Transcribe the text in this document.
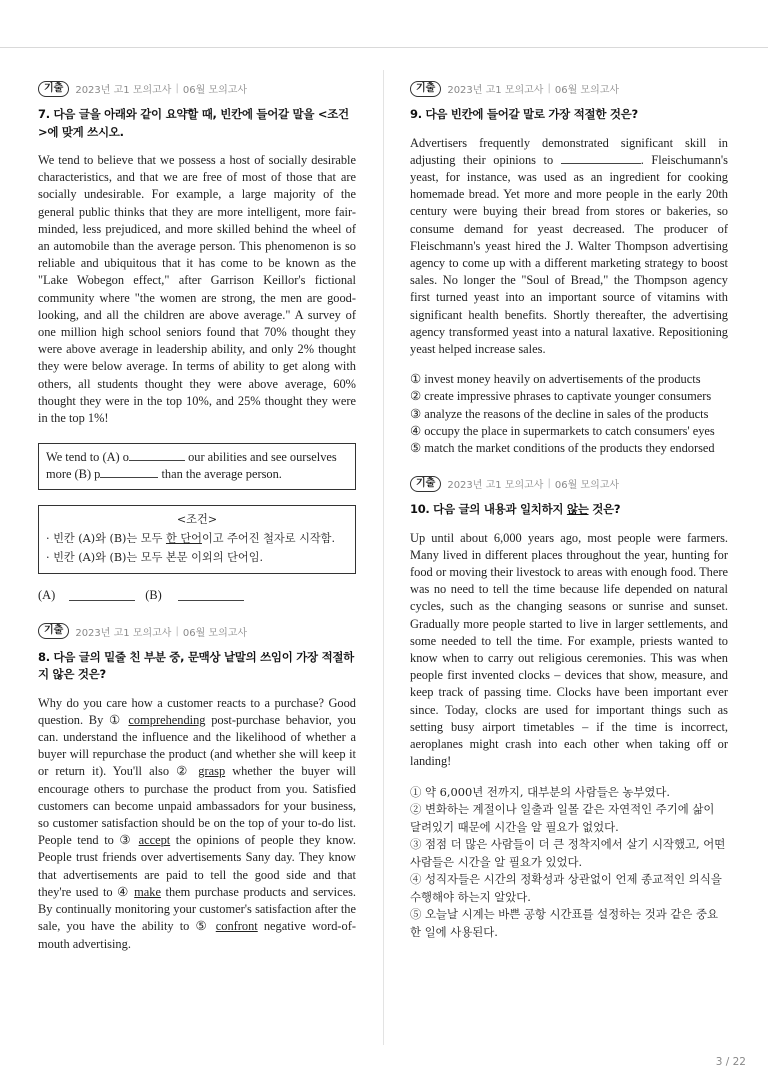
기출	2023년 고1 모의고사 | 06월 모의고사
7. 다음 글을 아래와 같이 요약할 때, 빈칸에 들어갈 말을 <조건>에 맞게 쓰시오.
We tend to believe that we possess a host of socially desirable characteristics, and that we are free of most of those that are socially undesirable. For example, a large majority of the general public thinks that they are more intelligent, more fair-minded, less prejudiced, and more skilled behind the wheel of an automobile than the average person. This phenomenon is so reliable and ubiquitous that it has come to be known as the "Lake Wobegon effect," after Garrison Keillor's fictional community where "the women are strong, the men are good-looking, and all the children are above average." A survey of one million high school seniors found that 70% thought they were above average in leadership ability, and only 2% thought they were below average. In terms of ability to get along with others, all students thought they were above average, 60% thought they were in the top 10%, and 25% thought they were in the top 1%!
We tend to (A) o	our abilities and see ourselves
more (B) p	than the average person.
<조건>
· 빈칸 (A)와 (B)는 모두 한 단어이고 주어진 철자로 시작함.
· 빈칸 (A)와 (B)는 모두 본문 이외의 단어임.
(A)	(B)
기출	2023년 고1 모의고사 | 06월 모의고사
8. 다음 글의 밑줄 친 부분 중, 문맥상 낱말의 쓰임이 가장 적절하지 않은 것은?
Why do you care how a customer reacts to a purchase? Good question. By ① comprehending post-purchase behavior, you can. understand the influence and the likelihood of whether a buyer will repurchase the product (and whether she will keep it or return it). You'll also ② grasp whether the buyer will encourage others to purchase the product from you. Satisfied customers can become unpaid ambassadors for your business, so customer satisfaction should be on the top of your to-do list. People tend to ③ accept the opinions of people they know. People trust friends over advertisements Sany day. They know that advertisements are paid to tell the good side and that they're used to ④ make them purchase products and services. By continually monitoring your customer's satisfaction after the sale, you have the ability to ⑤ confront negative word-of-mouth advertising.
기출	2023년 고1 모의고사 | 06월 모의고사
9. 다음 빈칸에 들어갈 말로 가장 적절한 것은?
Advertisers frequently demonstrated significant skill in adjusting their opinions to	. Fleischumann's yeast, for instance, was used as an ingredient for cooking homemade bread. Yet more and more people in the early 20th century were buying their bread from stores or bakeries, so consume demand for yeast decreased. The producer of Fleischmann's yeast hired the J. Walter Thompson advertising agency to come up with a different marketing strategy to boost sales. No longer the "Soul of Bread," the Thompson agency first turned yeast into an important source of vitamins with significant health benefits. Shortly thereafter, the advertising agency transformed yeast into a natural laxative. Repositioning yeast helped increase sales.
① invest money heavily on advertisements of the products
② create impressive phrases to captivate younger consumers
③ analyze the reasons of the decline in sales of the products
④ occupy the place in supermarkets to catch consumers' eyes
⑤ match the market conditions of the products they endorsed
기출	2023년 고1 모의고사 | 06월 모의고사
10. 다음 글의 내용과 일치하지 않는 것은?
Up until about 6,000 years ago, most people were farmers. Many lived in different places throughout the year, hunting for food or moving their livestock to areas with enough food. There was no need to tell the time because life depended on natural cycles, such as the changing seasons or sunrise and sunset. Gradually more people started to live in larger settlements, and some needed to tell the time. For example, priests wanted to know when to carry out religious ceremonies. This was when people first invented clocks – devices that show, measure, and keep track of passing time. Clocks have been important ever since. Today, clocks are used for important things such as setting busy airport timetables – if the time is incorrect, aeroplanes might crash into each other when taking off or landing!
① 약 6,000년 전까지, 대부분의 사람들은 농부였다.
② 변화하는 계절이나 일출과 일몰 같은 자연적인 주기에 삶이 달려있기 때문에 시간을 알 필요가 없었다.
③ 점점 더 많은 사람들이 더 큰 정착지에서 살기 시작했고, 어떤 사람들은 시간을 알 필요가 있었다.
④ 성직자들은 시간의 정확성과 상관없이 언제 종교적인 의식을 수행해야 하는지 알았다.
⑤ 오늘날 시계는 바쁜 공항 시간표를 설정하는 것과 같은 중요한 일에 사용된다.
3 / 22
